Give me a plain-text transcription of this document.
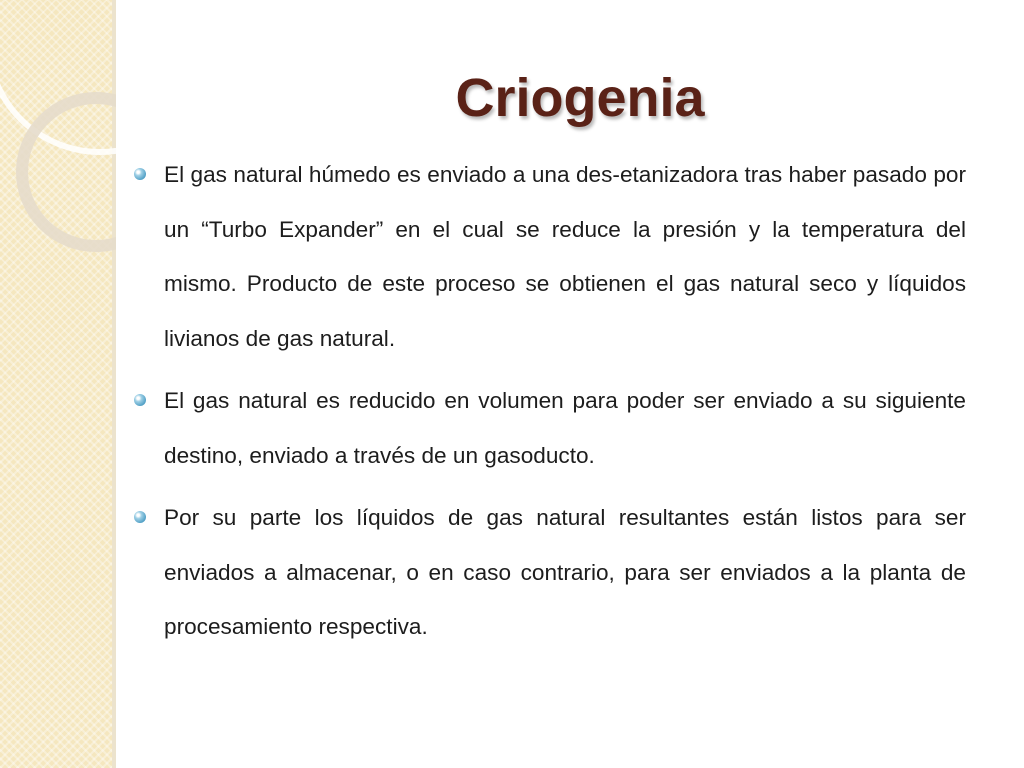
Criogenia
El gas natural húmedo es enviado a una des-etanizadora tras haber pasado por un “Turbo Expander” en el cual se reduce la presión y la temperatura del mismo. Producto de este proceso se obtienen el gas natural seco y líquidos livianos de gas natural.
El gas natural es reducido en volumen para poder ser enviado a su siguiente destino, enviado a través de un gasoducto.
Por su parte los líquidos de gas natural resultantes están listos para ser enviados a almacenar, o en caso contrario, para ser enviados a la planta de procesamiento respectiva.
